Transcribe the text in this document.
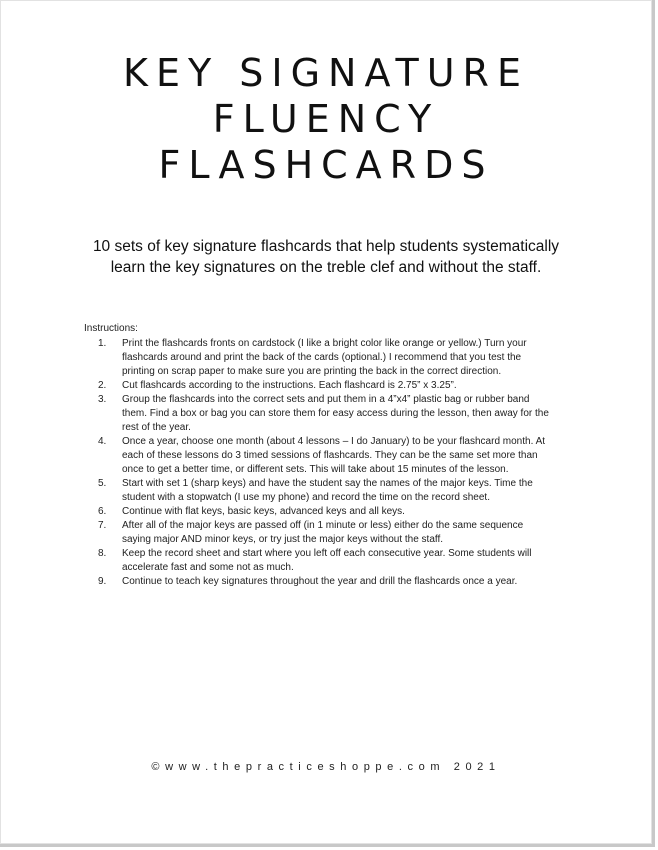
KEY SIGNATURE
FLUENCY
FLASHCARDS
10 sets of key signature flashcards that help students systematically
learn the key signatures on the treble clef and without the staff.
Instructions:
1. Print the flashcards fronts on cardstock (I like a bright color like orange or yellow.) Turn your flashcards around and print the back of the cards (optional.) I recommend that you test the printing on scrap paper to make sure you are printing the back in the correct direction.
2. Cut flashcards according to the instructions. Each flashcard is 2.75” x 3.25”.
3. Group the flashcards into the correct sets and put them in a 4”x4” plastic bag or rubber band them. Find a box or bag you can store them for easy access during the lesson, then away for the rest of the year.
4. Once a year, choose one month (about 4 lessons – I do January) to be your flashcard month. At each of these lessons do 3 timed sessions of flashcards. They can be the same set more than once to get a better time, or different sets. This will take about 15 minutes of the lesson.
5. Start with set 1 (sharp keys) and have the student say the names of the major keys. Time the student with a stopwatch (I use my phone) and record the time on the record sheet.
6. Continue with flat keys, basic keys, advanced keys and all keys.
7. After all of the major keys are passed off (in 1 minute or less) either do the same sequence saying major AND minor keys, or try just the major keys without the staff.
8. Keep the record sheet and start where you left off each consecutive year. Some students will accelerate fast and some not as much.
9. Continue to teach key signatures throughout the year and drill the flashcards once a year.
©www.thepracticeshoppe.com 2021
